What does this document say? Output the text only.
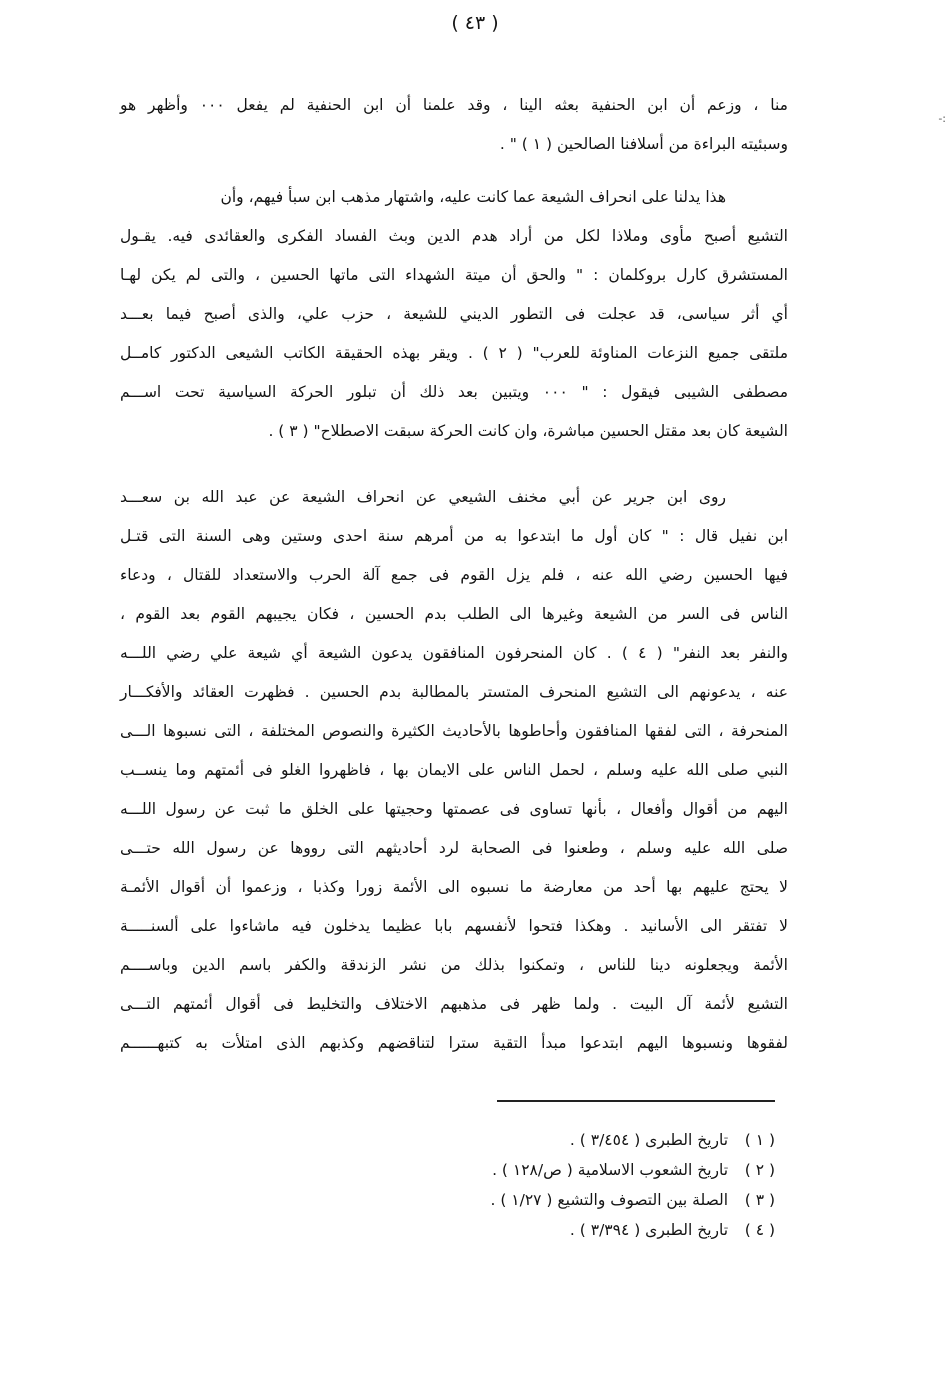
( ٤٣ )
-:
منا ، وزعم أن ابن الحنفية بعثه الينا ، وقد علمنا أن ابن الحنفية لم يفعل ٠٠٠ وأظهر هو
وسبئيته البراءة من أسلافنا الصالحين ( ١ ) " .
هذا يدلنا على انحراف الشيعة عما كانت عليه، واشتهار مذهب ابن سبأ فيهم، وأن
التشيع أصبح مأوى وملاذا لكل من أراد هدم الدين وبث الفساد الفكرى والعقائدى فيه. يقـول
المستشرق كارل بروكلمان : " والحق أن ميتة الشهداء التى ماتها الحسين ، والتى لم يكن لهـا
أي أثر سياسى، قد عجلت فى التطور الديني للشيعة ، حزب علي، والذى أصبح فيما بعـــد
ملتقى جميع النزعات المناوئة للعرب" ( ٢ ) . ويقر بهذه الحقيقة الكاتب الشيعى الدكتور كامــل
مصطفى الشيبى فيقول : " ٠٠٠ ويتبين بعد ذلك أن تبلور الحركة السياسية تحت اســـم
الشيعة كان بعد مقتل الحسين مباشرة، وان كانت الحركة سبقت الاصطلاح" ( ٣ ) .
روى ابن جرير عن أبي مخنف الشيعي عن انحراف الشيعة عن عبد الله بن سعـــد
ابن نفيل قال : " كان أول ما ابتدعوا به من أمرهم سنة احدى وستين وهى السنة التى قتـل
فيها الحسين رضي الله عنه ، فلم يزل القوم فى جمع آلة الحرب والاستعداد للقتال ، ودعاء
الناس فى السر من الشيعة وغيرها الى الطلب بدم الحسين ، فكان يجيبهم القوم بعد القوم ،
والنفر بعد النفر" ( ٤ ) . كان المنحرفون المنافقون يدعون الشيعة أي شيعة علي رضي اللـــه
عنه ، يدعونهم الى التشيع المنحرف المتستر بالمطالبة بدم الحسين . فظهرت العقائد والأفكـــار
المنحرفة ، التى لفقها المنافقون وأحاطوها بالأحاديث الكثيرة والنصوص المختلفة ، التى نسبوها الـــى
النبي صلى الله عليه وسلم ، لحمل الناس على الايمان بها ، فاظهروا الغلو فى أئمتهم وما ينســب
اليهم من أقوال وأفعال ، بأنها تساوى فى عصمتها وحجيتها على الخلق ما ثبت عن رسول اللـــه
صلى الله عليه وسلم ، وطعنوا فى الصحابة لرد أحاديثهم التى رووها عن رسول الله حتـــى
لا يحتج عليهم بها أحد من معارضة ما نسبوه الى الأئمة زورا وكذبا ، وزعموا أن أقوال الأئمـة
لا تفتقر الى الأسانيد . وهكذا فتحوا لأنفسهم بابا عظيما يدخلون فيه ماشاءوا على ألسنـــــة
الأئمة ويجعلونه دينا للناس ، وتمكنوا بذلك من نشر الزندقة والكفر باسم الدين وباســــم
التشيع لأئمة آل البيت . ولما ظهر فى مذهبهم الاختلاف والتخليط فى أقوال أئمتهم التـــى
لفقوها ونسبوها اليهم ابتدعوا مبدأ التقية سترا لتناقضهم وكذبهم الذى امتلأت به كتبهــــــم
( ١ ) تاريخ الطبرى ( ٣/٤٥٤ ) .
( ٢ ) تاريخ الشعوب الاسلامية ( ص/١٢٨ ) .
( ٣ ) الصلة بين التصوف والتشيع ( ١/٢٧ ) .
( ٤ ) تاريخ الطبرى ( ٣/٣٩٤ ) .
